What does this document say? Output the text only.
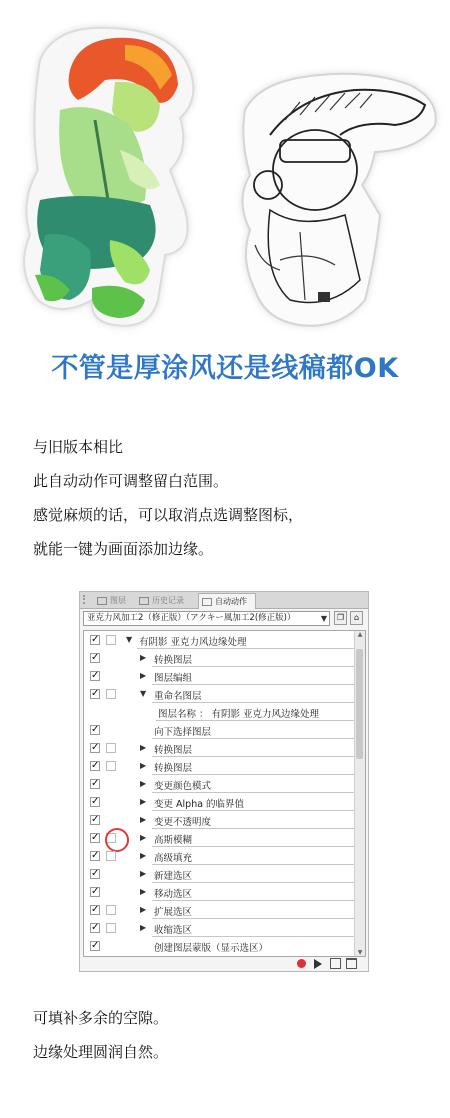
不管是厚涂风还是线稿都OK
与旧版本相比
此自动动作可调整留白范围。
感觉麻烦的话，可以取消点选调整图标，
就能一键为画面添加边缘。
图层	历史记录	自动动作
亚克力风加工2（修正版）（アクキー風加工2(修正版)）	▼	❐	⌂
✓	▼ 有阴影 亚克力风边缘处理
✓	▶ 转换图层
✓	▶ 图层编组
✓	▼ 重命名图层
图层名称 ： 有阴影 亚克力风边缘处理
✓	向下选择图层
✓	▶ 转换图层
✓	▶ 转换图层
✓	▶ 变更颜色模式
✓	▶ 变更 Alpha 的临界值
✓	▶ 变更不透明度
✓	▶ 高斯模糊
✓	▶ 高级填充
✓	▶ 新建选区
✓	▶ 移动选区
✓	▶ 扩展选区
✓	▶ 收缩选区
✓	创建图层蒙版（显示选区）
▲
▼
可填补多余的空隙。
边缘处理圆润自然。
